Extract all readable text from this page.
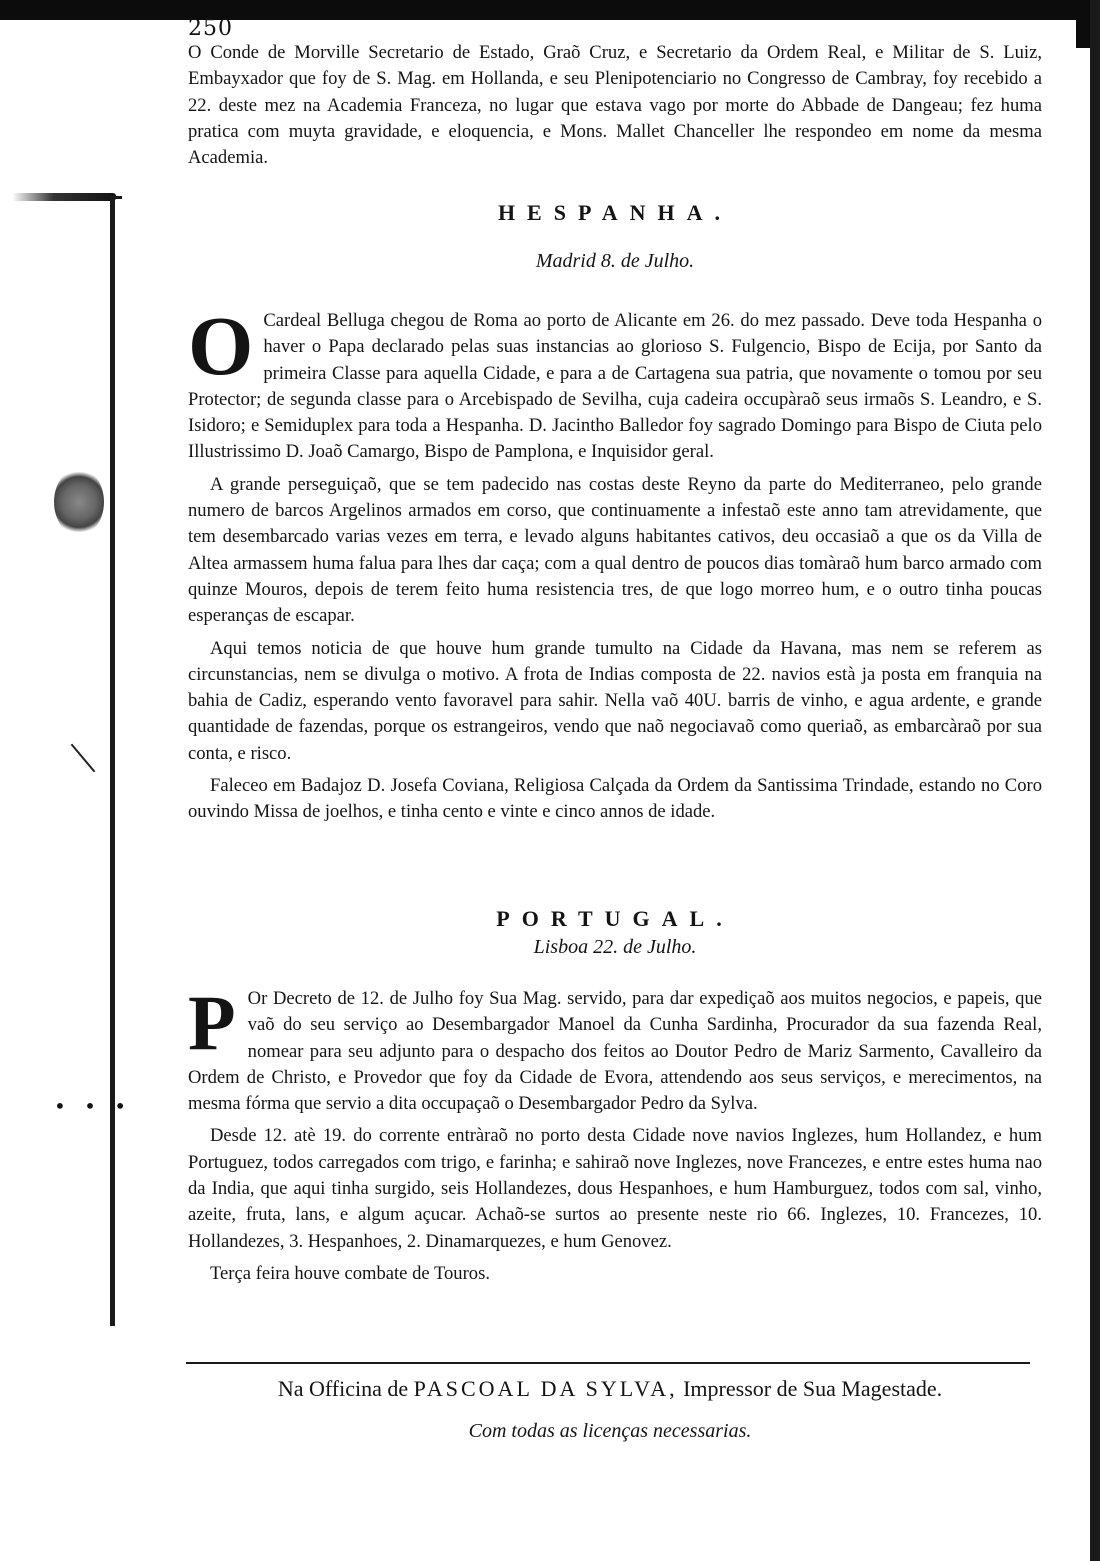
• • •
250

O Conde de Morville Secretario de Estado, Graõ Cruz, e Secretario da Ordem Real, e Militar de S. Luiz, Embayxador que foy de S. Mag. em Hollanda, e seu Plenipotenciario no Congresso de Cambray, foy recebido a 22. deste mez na Academia Franceza, no lugar que estava vago por morte do Abbade de Dangeau; fez huma pratica com muyta gravidade, e eloquencia, e Mons. Mallet Chanceller lhe respondeo em nome da mesma Academia.

HESPANHA.
Madrid 8. de Julho.
O Cardeal Belluga chegou de Roma ao porto de Alicante em 26. do mez passado. Deve toda Hespanha o haver o Papa declarado pelas suas instancias ao glorioso S. Fulgencio, Bispo de Ecija, por Santo da primeira Classe para aquella Cidade, e para a de Cartagena sua patria, que novamente o tomou por seu Protector; de segunda classe para o Arcebispado de Sevilha, cuja cadeira occupàraõ seus irmaõs S. Leandro, e S. Isidoro; e Semiduplex para toda a Hespanha. D. Jacintho Balledor foy sagrado Domingo para Bispo de Ciuta pelo Illustrissimo D. Joaõ Camargo, Bispo de Pamplona, e Inquisidor geral.

A grande perseguiçaõ, que se tem padecido nas costas deste Reyno da parte do Mediterraneo, pelo grande numero de barcos Argelinos armados em corso, que continuamente a infestaõ este anno tam atrevidamente, que tem desembarcado varias vezes em terra, e levado alguns habitantes cativos, deu occasiaõ a que os da Villa de Altea armassem huma falua para lhes dar caça; com a qual dentro de poucos dias tomàraõ hum barco armado com quinze Mouros, depois de terem feito huma resistencia tres, de que logo morreo hum, e o outro tinha poucas esperanças de escapar.

Aqui temos noticia de que houve hum grande tumulto na Cidade da Havana, mas nem se referem as circunstancias, nem se divulga o motivo. A frota de Indias composta de 22. navios està ja posta em franquia na bahia de Cadiz, esperando vento favoravel para sahir. Nella vaõ 40U. barris de vinho, e agua ardente, e grande quantidade de fazendas, porque os estrangeiros, vendo que naõ negociavaõ como queriaõ, as embarcàraõ por sua conta, e risco.

Faleceo em Badajoz D. Josefa Coviana, Religiosa Calçada da Ordem da Santissima Trindade, estando no Coro ouvindo Missa de joelhos, e tinha cento e vinte e cinco annos de idade.

PORTUGAL.
Lisboa 22. de Julho.
P Or Decreto de 12. de Julho foy Sua Mag. servido, para dar expediçaõ aos muitos negocios, e papeis, que vaõ do seu serviço ao Desembargador Manoel da Cunha Sardinha, Procurador da sua fazenda Real, nomear para seu adjunto para o despacho dos feitos ao Doutor Pedro de Mariz Sarmento, Cavalleiro da Ordem de Christo, e Provedor que foy da Cidade de Evora, attendendo aos seus serviços, e merecimentos, na mesma fórma que servio a dita occupaçaõ o Desembargador Pedro da Sylva.

Desde 12. atè 19. do corrente entràraõ no porto desta Cidade nove navios Inglezes, hum Hollandez, e hum Portuguez, todos carregados com trigo, e farinha; e sahiraõ nove Inglezes, nove Francezes, e entre estes huma nao da India, que aqui tinha surgido, seis Hollandezes, dous Hespanhoes, e hum Hamburguez, todos com sal, vinho, azeite, fruta, lans, e algum açucar. Achaõ-se surtos ao presente neste rio 66. Inglezes, 10. Francezes, 10. Hollandezes, 3. Hespanhoes, 2. Dinamarquezes, e hum Genovez.

Terça feira houve combate de Touros.

Na Officina de PASCOAL DA SYLVA, Impressor de Sua Magestade.
Com todas as licenças necessarias.
